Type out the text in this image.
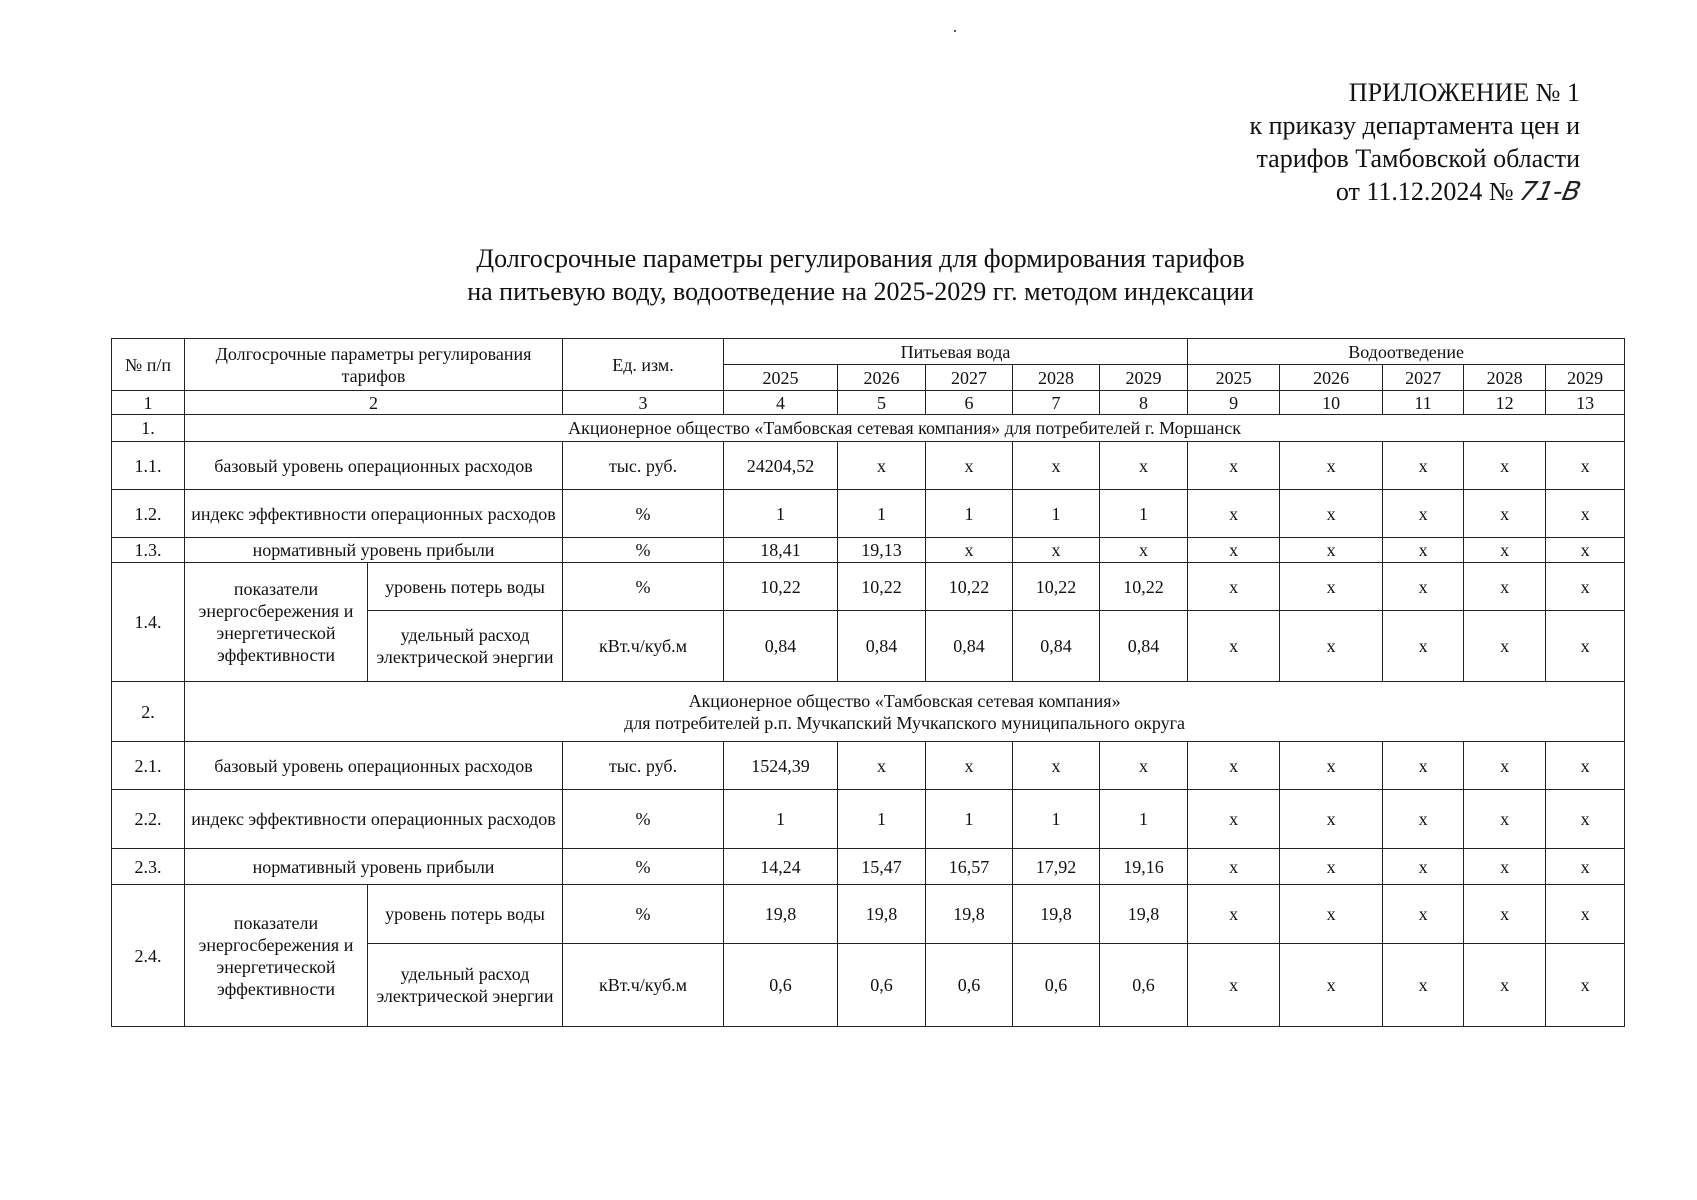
ПРИЛОЖЕНИЕ № 1
к приказу департамента цен и
тарифов Тамбовской области
от 11.12.2024 № 71-В
Долгосрочные параметры регулирования для формирования тарифов
на питьевую воду, водоотведение на 2025-2029 гг. методом индексации
№ п/п	Долгосрочные параметры регулирования тарифов		Ед. изм.	Питьевая вода					Водоотведение				
				2025	2026	2027	2028	2029	2025	2026	2027	2028	2029
1	2		3	4	5	6	7	8	9	10	11	12	13
1.	Акционерное общество «Тамбовская сетевая компания» для потребителей г. Моршанск												
1.1.	базовый уровень операционных расходов		тыс. руб.	24204,52	x	x	x	x	x	x	x	x	x
1.2.	индекс эффективности операционных расходов		%	1	1	1	1	1	x	x	x	x	x
1.3.	нормативный уровень прибыли		%	18,41	19,13	x	x	x	x	x	x	x	x
1.4.	показатели энергосбережения и энергетической эффективности	уровень потерь воды	%	10,22	10,22	10,22	10,22	10,22	x	x	x	x	x
		удельный расход электрической энергии	кВт.ч/куб.м	0,84	0,84	0,84	0,84	0,84	x	x	x	x	x
2.	Акционерное общество «Тамбовская сетевая компания»
для потребителей р.п. Мучкапский Мучкапского муниципального округа												

2.1.	базовый уровень операционных расходов		тыс. руб.	1524,39	x	x	x	x	x	x	x	x	x
2.2.	индекс эффективности операционных расходов		%	1	1	1	1	1	x	x	x	x	x
2.3.	нормативный уровень прибыли		%	14,24	15,47	16,57	17,92	19,16	x	x	x	x	x
2.4.	показатели энергосбережения и энергетической эффективности	уровень потерь воды	%	19,8	19,8	19,8	19,8	19,8	x	x	x	x	x
		удельный расход электрической энергии	кВт.ч/куб.м	0,6	0,6	0,6	0,6	0,6	x	x	x	x	x
